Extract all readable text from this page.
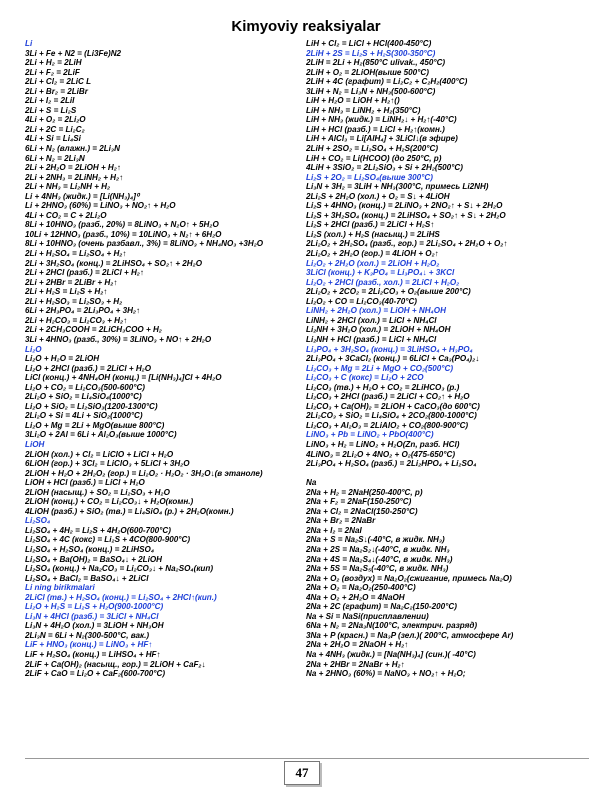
Kimyoviy reaksiyalar
Li
3Li + Fe + N2 = (Li3Fe)N2
2Li + H₂ = 2LiH
2Li + F₂ = 2LiF
2Li + Cl₂ = 2LiC L
2Li + Br₂ = 2LiBr
2Li + I₂ = 2LiI
2Li + S = Li₂S
4Li + O₂ = 2Li₂O
2Li + 2C = Li₂C₂
4Li + Si = Li₄Si
6Li + N₂ (влажн.) = 2Li₃N
6Li + N₂ = 2Li₃N
2Li + 2H₂O = 2LiOH + H₂↑
2Li + 2NH₃ = 2LiNH₂ + H₂↑
2Li + NH₃ = Li₂NH + H₂
Li + 4NH₃ (жидк.) = [Li(NH₃)₄]⁰
Li + 2HNO₃ (60%) = LiNO₃ + NO₂↑ + H₂O
4Li + CO₂ = C + 2Li₂O
8Li + 10HNO₃ (разб., 20%) = 8LiNO₃ + N₂O↑ + 5H₂O
10Li + 12HNO₃ (разб., 10%) = 10LiNO₃ + N₂↑ + 6H₂O
8Li + 10HNO₃ (очень разбавл., 3%) = 8LiNO₃ + NH₄NO₃ +3H₂O
2Li + H₂SO₄ = Li₂SO₄ + H₂↑
2Li + 3H₂SO₄ (конц.) = 2LiHSO₄ + SO₂↑ + 2H₂O
2Li + 2HCl (разб.) = 2LiCl + H₂↑
2Li + 2HBr = 2LiBr + H₂↑
2Li + H₂S = Li₂S + H₂↑
2Li + H₂SO₃ = Li₂SO₃ + H₂
6Li + 2H₃PO₄ = 2Li₃PO₄ + 3H₂↑
2Li + H₂CO₃ = Li₂CO₃ + H₂↑
2Li + 2CH₃COOH = 2LiCH₃COO + H₂
3Li + 4HNO₃ (разб., 30%) = 3LiNO₃ + NO↑ + 2H₂O
Li₂O
Li₂O + H₂O = 2LiOH
Li₂O + 2HCl (разб.) = 2LiCl + H₂O
LiCl (конц.) + 4NH₄OH (конц.) = [Li(NH₃)₄]Cl + 4H₂O
Li₂O + CO₂ = Li₂CO₃(500-600°C)
2Li₂O + SiO₂ = Li₄SiO₄(1000°C)
Li₂O + SiO₂ = Li₂SiO₃(1200-1300°C)
2Li₂O + Si = 4Li + SiO₂(1000°C)
Li₂O + Mg = 2Li + MgO(выше 800°C)
3Li₂O + 2Al = 6Li + Al₂O₃(выше 1000°C)
LiOH
2LiOH (хол.) + Cl₂ = LiClO + LiCl + H₂O
6LiOH (гор.) + 3Cl₂ = LiClO₃ + 5LiCl + 3H₂O
2LiOH + H₂O + 2H₂O₂ (гор.) = Li₂O₂ · H₂O₂ · 3H₂O↓(в этаноле)
LiOH + HCl (разб.) = LiCl + H₂O
2LiOH (насыщ.) + SO₂ = Li₂SO₃ + H₂O
2LiOH (конц.) + CO₂ = Li₂CO₃↓ + H₂O(комн.)
4LiOH (разб.) + SiO₂ (тв.) = Li₄SiO₄ (р.) + 2H₂O(комн.)
Li₂SO₄
Li₂SO₄ + 4H₂ = Li₂S + 4H₂O(600-700°C)
Li₂SO₄ + 4C (кокс) = Li₂S + 4CO(800-900°C)
Li₂SO₄ + H₂SO₄ (конц.) = 2LiHSO₄
Li₂SO₄ + Ba(OH)₂ = BaSO₄↓ + 2LiOH
Li₂SO₄ (конц.) + Na₂CO₃ = Li₂CO₃↓ + Na₂SO₄(кип)
Li₂SO₄ + BaCl₂ = BaSO₄↓ + 2LiCl
Li ning birikmalari
2LiCl (тв.) + H₂SO₄ (конц.) = Li₂SO₄ + 2HCl↑(кип.)
Li₂O + H₂S = Li₂S + H₂O(900-1000°C)
Li₃N + 4HCl (разб.) = 3LiCl + NH₄Cl
Li₃N + 4H₂O (хол.) = 3LiOH + NH₃OH
2Li₃N = 6Li + N₂(300-500°C, вак.)
LiF + HNO₃ (конц.) = LiNO₃ + HF↑
LiF + H₂SO₄ (конц.) = LiHSO₄ + HF↑
2LiF + Ca(OH)₂ (насыщ., гор.) = 2LiOH + CaF₂↓
2LiF + CaO = Li₂O + CaF₂(600-700°C)
LiH + Cl₂ = LiCl + HCl(400-450°C)
2LiH + 2S = Li₂S + H₂S(300-350°C)
2LiH = 2Li + H₂(850°C ulivak., 450°C)
2LiH + O₂ = 2LiOH(выше 500°C)
2LiH + 4C (графит) = Li₂C₂ + C₂H₂(400°C)
3LiH + N₂ = Li₃N + NH₃(500-600°C)
LiH + H₂O = LiOH + H₂↑()
LiH + NH₃ = LiNH₂ + H₂(350°C)
LiH + NH₃ (жидк.) = LiNH₂↓ + H₂↑(-40°C)
LiH + HCl (разб.) = LiCl + H₂↑(комн.)
LiH + AlCl₃ = Li[AlH₄] + 3LiCl↓(в эфире)
2LiH + 2SO₂ = Li₂SO₄ + H₂S(200°C)
LiH + CO₂ = Li(HCOO) (до 250°C, р)
4LiH + 3SiO₂ = 2Li₂SiO₃ + Si + 2H₂(500°C)
Li₂S + 2O₂ = Li₂SO₄(выше 300°C)
Li₃N + 3H₂ = 3LiH + NH₃(300°C, примесь Li2NH)
2Li₂S + 2H₂O (хол.) + O₂ = S↓ + 4LiOH
Li₂S + 4HNO₃ (конц.) = 2LiNO₃ + 2NO₂↑ + S↓ + 2H₂O
Li₂S + 3H₂SO₄ (конц.) = 2LiHSO₄ + SO₂↑ + S↓ + 2H₂O
Li₂S + 2HCl (разб.) = 2LiCl + H₂S↑
Li₂S (хол.) + H₂S (насыщ.) = 2LiHS
2Li₂O₂ + 2H₂SO₄ (разб., гор.) = 2Li₂SO₄ + 2H₂O + O₂↑
2Li₂O₂ + 2H₂O (гор.) = 4LiOH + O₂↑
Li₂O₂ + 2H₂O (хол.) = 2LiOH + H₂O₂
3LiCl (конц.) + K₃PO₄ = Li₃PO₄↓ + 3KCl
Li₂O₂ + 2HCl (разб., хол.) = 2LiCl + H₂O₂
2Li₂O₂ + 2CO₂ = 2Li₂CO₃ + O₂(выше 200°C)
Li₂O₂ + CO = Li₂CO₃(40-70°C)
LiNH₂ + 2H₂O (хол.) = LiOH + NH₄OH
LiNH₂ + 2HCl (хол.) = LiCl + NH₄Cl
Li₂NH + 3H₂O (хол.) = 2LiOH + NH₄OH
Li₂NH + HCl (разб.) = LiCl + NH₄Cl
Li₃PO₄ + 3H₂SO₄ (конц.) = 3LiHSO₄ + H₃PO₄
2Li₃PO₄ + 3CaCl₂ (конц.) = 6LiCl + Ca₃(PO₄)₂↓
Li₂CO₃ + Mg = 2Li + MgO + CO₂(500°C)
Li₂CO₃ + C (кокс) = Li₂O + 2CO
Li₂CO₃ (тв.) + H₂O + CO₂ = 2LiHCO₃ (р.)
Li₂CO₃ + 2HCl (разб.) = 2LiCl + CO₂↑ + H₂O
Li₂CO₃ + Ca(OH)₂ = 2LiOH + CaCO₃(до 600°C)
2Li₂CO₃ + SiO₂ = Li₄SiO₄ + 2CO₂(800-1000°C)
Li₂CO₃ + Al₂O₃ = 2LiAlO₂ + CO₂(800-900°C)
LiNO₃ + Pb = LiNO₂ + PbO(400°C)
LiNO₃ + H₂ = LiNO₂ + H₂O(Zn, разб. HCl)
4LiNO₃ = 2Li₂O + 4NO₂ + O₂(475-650°C)
2Li₃PO₄ + H₂SO₄ (разб.) = 2Li₂HPO₄ + Li₂SO₄
Na
2Na + H₂ = 2NaH(250-400°C, р)
2Na + F₂ = 2NaF(150-250°C)
2Na + Cl₂ = 2NaCl(150-250°C)
2Na + Br₂ = 2NaBr
2Na + I₂ = 2NaI
2Na + S = Na₂S↓(-40°C, в жидк. NH₃)
2Na + 2S = Na₂S₂↓(-40°C, в жидк. NH₃
2Na + 4S = Na₂S₄↓(-40°C, в жидк. NH₃)
2Na + 5S = Na₂S₅(-40°C, в жидк. NH₃)
2Na + O₂ (воздух) = Na₂O₂(сжигание, примесь Na₂O)
2Na + O₂ = Na₂O₂(250-400°C)
4Na + O₂ + 2H₂O = 4NaOH
2Na + 2C (графит) = Na₂C₂(150-200°C)
Na + Si = NaSi(присплавлении)
6Na + N₂ = 2Na₃N(100°C, электрич. разряд)
3Na + P (красн.) = Na₃P (зел.)( 200°C, атмосфере Ar)
2Na + 2H₂O = 2NaOH + H₂↑
Na + 4NH₃ (жидк.) = [Na(NH₃)₄] (син.)( -40°C)
2Na + 2HBr = 2NaBr + H₂↑
Na + 2HNO₃ (60%) = NaNO₃ + NO₂↑ + H₂O;
47
